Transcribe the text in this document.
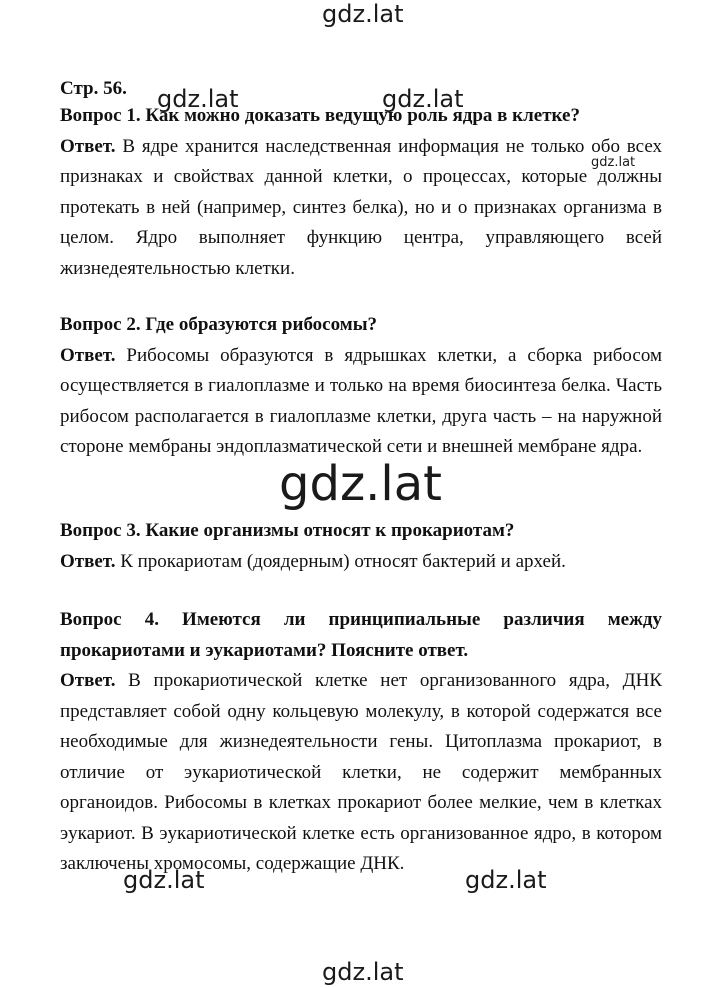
gdz.lat
gdz.lat	gdz.lat
gdz.lat
gdz.lat
gdz.lat	gdz.lat
gdz.lat

Стр. 56.

Вопрос 1. Как можно доказать ведущую роль ядра в клетке?

Ответ. В ядре хранится наследственная информация не только обо всех признаках и свойствах данной клетки, о процессах, которые должны протекать в ней (например, синтез белка), но и о признаках организма в целом. Ядро выполняет функцию центра, управляющего всей жизнедеятельностью клетки.

Вопрос 2. Где образуются рибосомы?

Ответ. Рибосомы образуются в ядрышках клетки, а сборка рибосом осуществляется в гиалоплазме и только на время биосинтеза белка. Часть рибосом располагается в гиалоплазме клетки, друга часть – на наружной стороне мембраны эндоплазматической сети и внешней мембране ядра.

Вопрос 3. Какие организмы относят к прокариотам?

Ответ. К прокариотам (доядерным) относят бактерий и архей.

Вопрос 4. Имеются ли принципиальные различия между

прокариотами и эукариотами? Поясните ответ.

Ответ. В прокариотической клетке нет организованного ядра, ДНК представляет собой одну кольцевую молекулу, в которой содержатся все необходимые для жизнедеятельности гены. Цитоплазма прокариот, в отличие от эукариотической клетки, не содержит мембранных органоидов. Рибосомы в клетках прокариот более мелкие, чем в клетках эукариот. В эукариотической клетке есть организованное ядро, в котором заключены хромосомы, содержащие ДНК.
